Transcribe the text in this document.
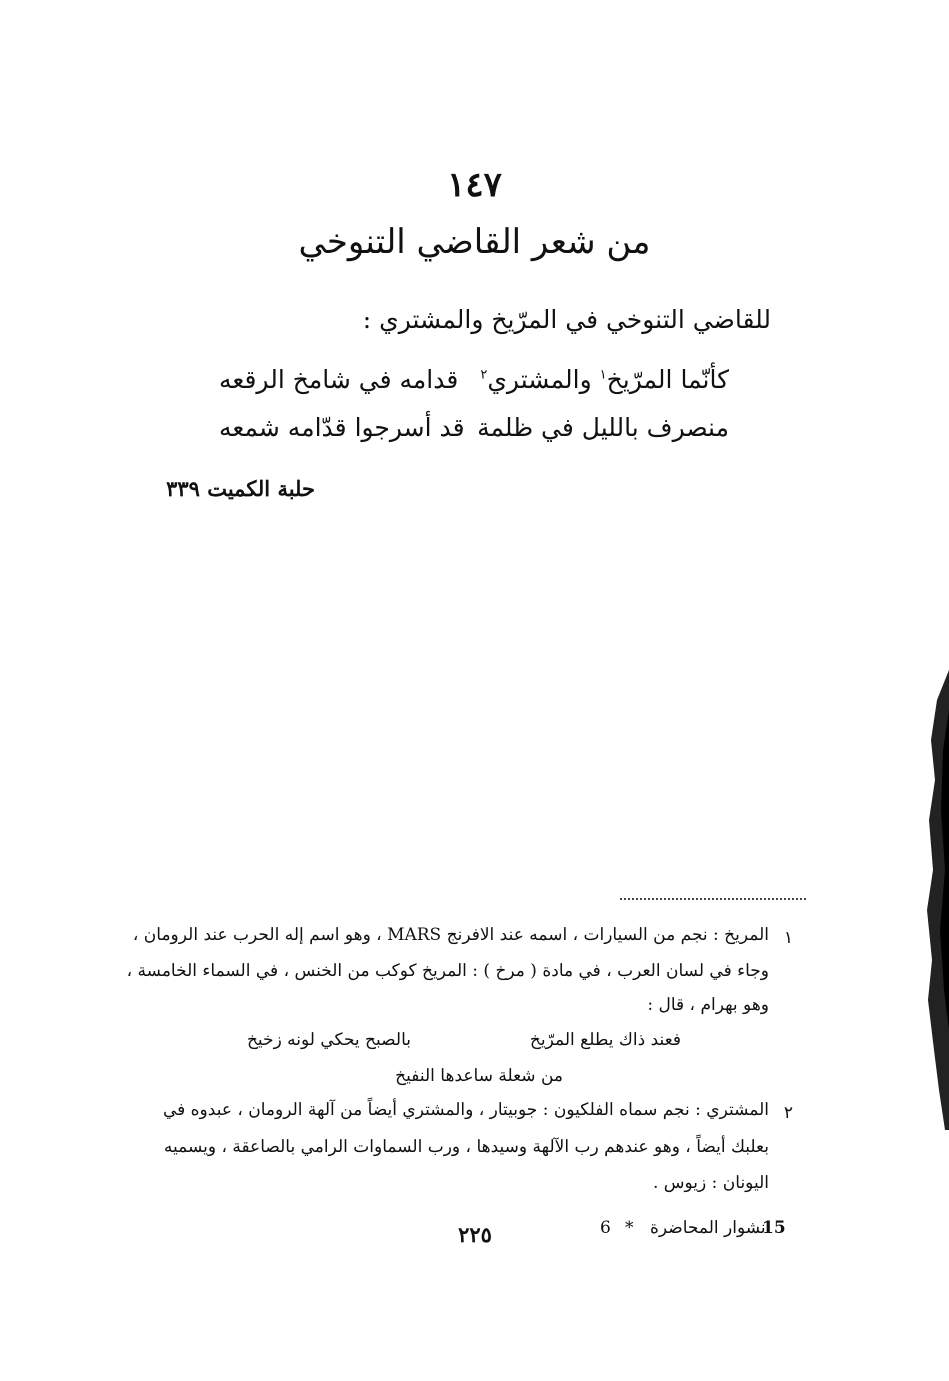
١٤٧
من شعر القاضي التنوخي
للقاضي التنوخي في المرّيخ والمشتري :
كأنّما المرّيخ$^١$ والمشتري$^٢$
قدامه في شامخ الرقعه
منصرف بالليل في ظلمة
قد أسرجوا قدّامه شمعه
حلبة الكميت ٣٣٩
١
المريخ : نجم من السيارات ، اسمه عند الافرنج MARS ، وهو اسم إله الحرب عند الرومان ،
وجاء في لسان العرب ، في مادة ( مرخ ) : المريخ كوكب من الخنس ، في السماء الخامسة ،
وهو بهرام ، قال :
فعند ذاك يطلع المرّيخ
بالصبح يحكي لونه زخيخ
من شعلة ساعدها النفيخ
٢
المشتري : نجم سماه الفلكيون : جوبيتار ، والمشتري أيضاً من آلهة الرومان ، عبدوه في
بعلبك أيضاً ، وهو عندهم رب الآلهة وسيدها ، ورب السماوات الرامي بالصاعقة ، ويسميه
اليونان : زيوس .
٢٢٥	6 * نشوار المحاضرة
15
